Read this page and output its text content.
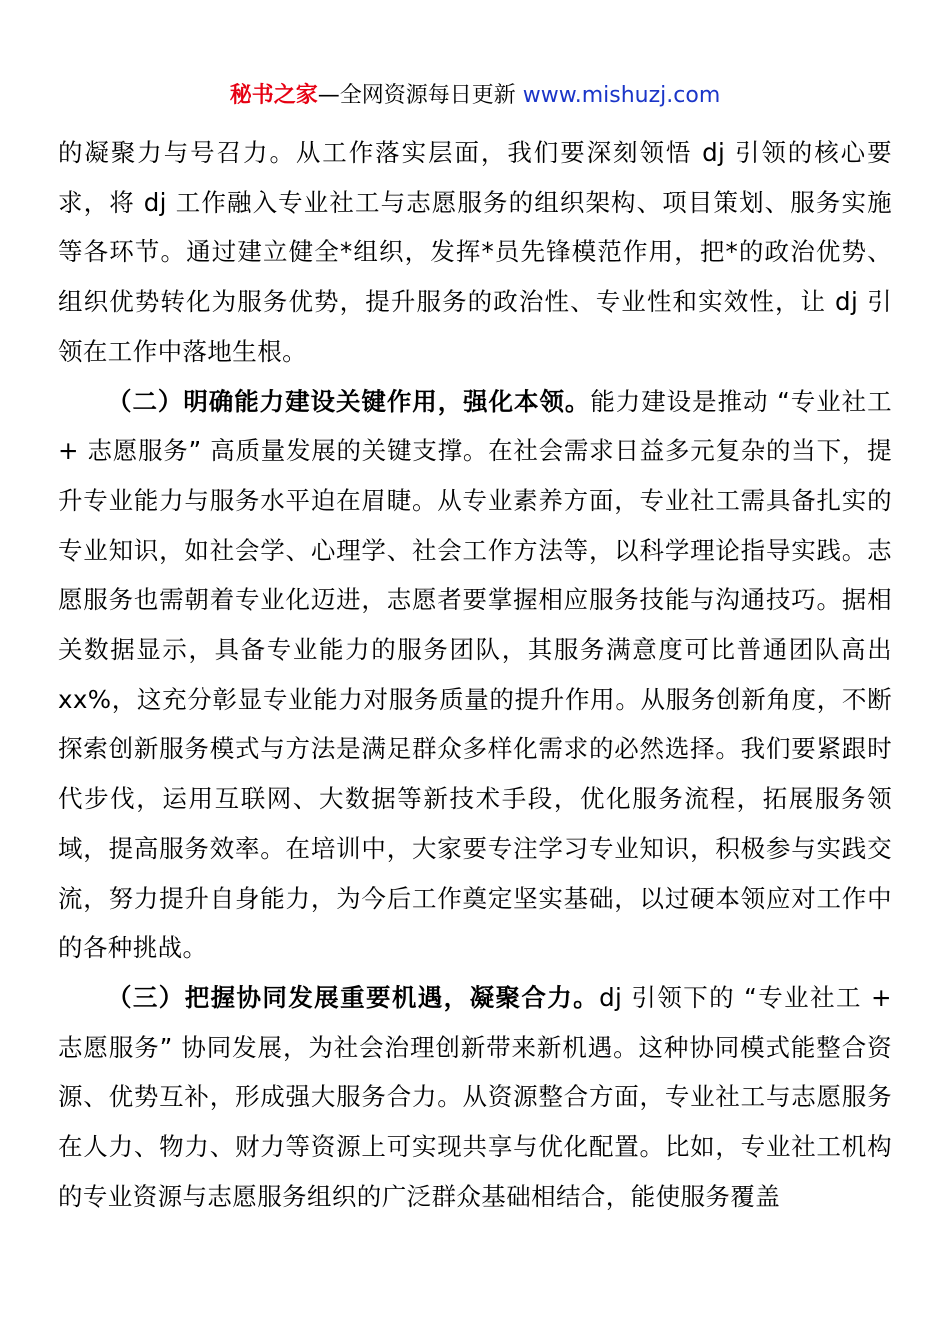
秘书之家—全网资源每日更新 www.mishuzj.com

的凝聚力与号召力。从工作落实层面，我们要深刻领悟 dj 引领的核心要求，将 dj 工作融入专业社工与志愿服务的组织架构、项目策划、服务实施等各环节。通过建立健全*组织，发挥*员先锋模范作用，把*的政治优势、组织优势转化为服务优势，提升服务的政治性、专业性和实效性，让 dj 引领在工作中落地生根。

（二）明确能力建设关键作用，强化本领。能力建设是推动 “专业社工 + 志愿服务” 高质量发展的关键支撑。在社会需求日益多元复杂的当下，提升专业能力与服务水平迫在眉睫。从专业素养方面，专业社工需具备扎实的专业知识，如社会学、心理学、社会工作方法等，以科学理论指导实践。志愿服务也需朝着专业化迈进，志愿者要掌握相应服务技能与沟通技巧。据相关数据显示，具备专业能力的服务团队，其服务满意度可比普通团队高出 xx%，这充分彰显专业能力对服务质量的提升作用。从服务创新角度，不断探索创新服务模式与方法是满足群众多样化需求的必然选择。我们要紧跟时代步伐，运用互联网、大数据等新技术手段，优化服务流程，拓展服务领域，提高服务效率。在培训中，大家要专注学习专业知识，积极参与实践交流，努力提升自身能力，为今后工作奠定坚实基础，以过硬本领应对工作中的各种挑战。

（三）把握协同发展重要机遇，凝聚合力。dj 引领下的 “专业社工 + 志愿服务” 协同发展，为社会治理创新带来新机遇。这种协同模式能整合资源、优势互补，形成强大服务合力。从资源整合方面，专业社工与志愿服务在人力、物力、财力等资源上可实现共享与优化配置。比如，专业社工机构的专业资源与志愿服务组织的广泛群众基础相结合，能使服务覆盖
